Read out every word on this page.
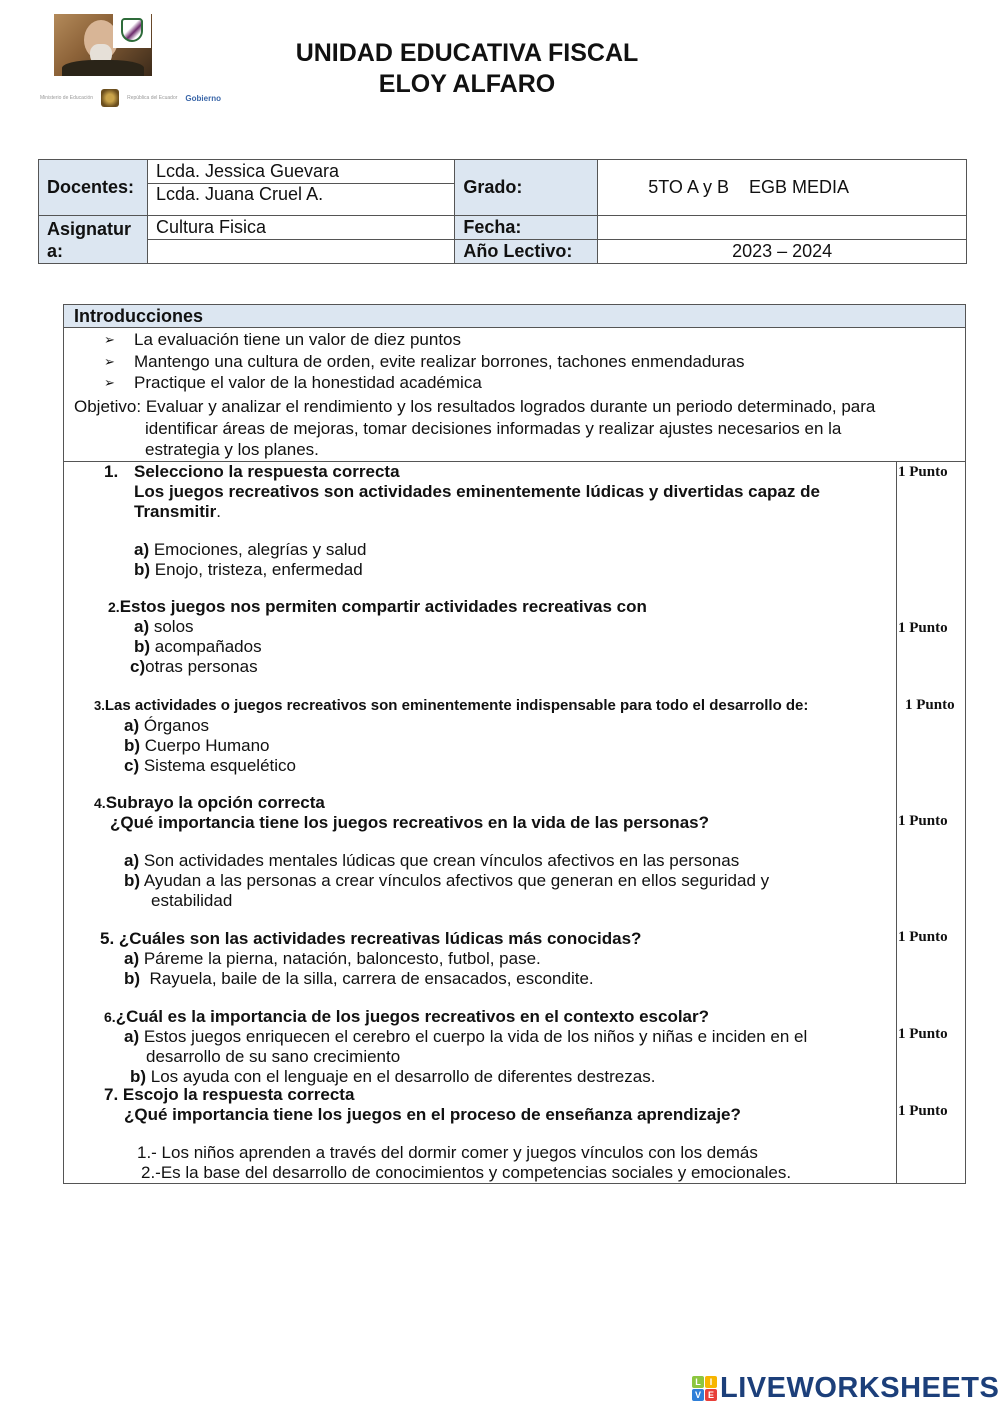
Ministerio de Educación	República del Ecuador Gobierno
UNIDAD EDUCATIVA FISCAL
ELOY ALFARO
Docentes:	Lcda. Jessica Guevara	Grado:	5TO A y B    EGB MEDIA
	Lcda. Juana Cruel A.		
Asignatur a:	Cultura Fisica	Fecha:	
		Año Lectivo:	2023 – 2024
Introducciones
➢	La evaluación tiene un valor de diez puntos
➢	Mantengo una cultura de orden, evite realizar borrones, tachones enmendaduras
➢	Practique el valor de la honestidad académica
Objetivo: Evaluar y analizar el rendimiento y los resultados logrados durante un periodo determinado, para
identificar áreas de mejoras, tomar decisiones informadas y realizar ajustes necesarios en la
estrategia y los planes.
1. Selecciono la respuesta correcta
Los juegos recreativos son actividades eminentemente lúdicas y divertidas capaz de
Transmitir.
a) Emociones, alegrías y salud
b) Enojo, tristeza, enfermedad
1 Punto
2.Estos juegos nos permiten compartir actividades recreativas con
a) solos
b) acompañados
c)otras personas
1 Punto
3.Las actividades o juegos recreativos son eminentemente indispensable para todo el desarrollo de:
a) Órganos
b) Cuerpo Humano
c) Sistema esquelético
1 Punto
4.Subrayo la opción correcta
¿Qué importancia tiene los juegos recreativos en la vida de las personas?
a) Son actividades mentales lúdicas que crean vínculos afectivos en las personas
b) Ayudan a las personas a crear vínculos afectivos que generan en ellos seguridad y
estabilidad
1 Punto
5. ¿Cuáles son las actividades recreativas lúdicas más conocidas?
a) Páreme la pierna, natación, baloncesto, futbol, pase.
b)  Rayuela, baile de la silla, carrera de ensacados, escondite.
1 Punto
6.¿Cuál es la importancia de los juegos recreativos en el contexto escolar?
a) Estos juegos enriquecen el cerebro el cuerpo la vida de los niños y niñas e inciden en el
desarrollo de su sano crecimiento
b) Los ayuda con el lenguaje en el desarrollo de diferentes destrezas.
1 Punto
7. Escojo la respuesta correcta
¿Qué importancia tiene los juegos en el proceso de enseñanza aprendizaje?
1.- Los niños aprenden a través del dormir comer y juegos vínculos con los demás
2.-Es la base del desarrollo de conocimientos y competencias sociales y emocionales.
1 Punto
L I
V E LIVEWORKSHEETS
